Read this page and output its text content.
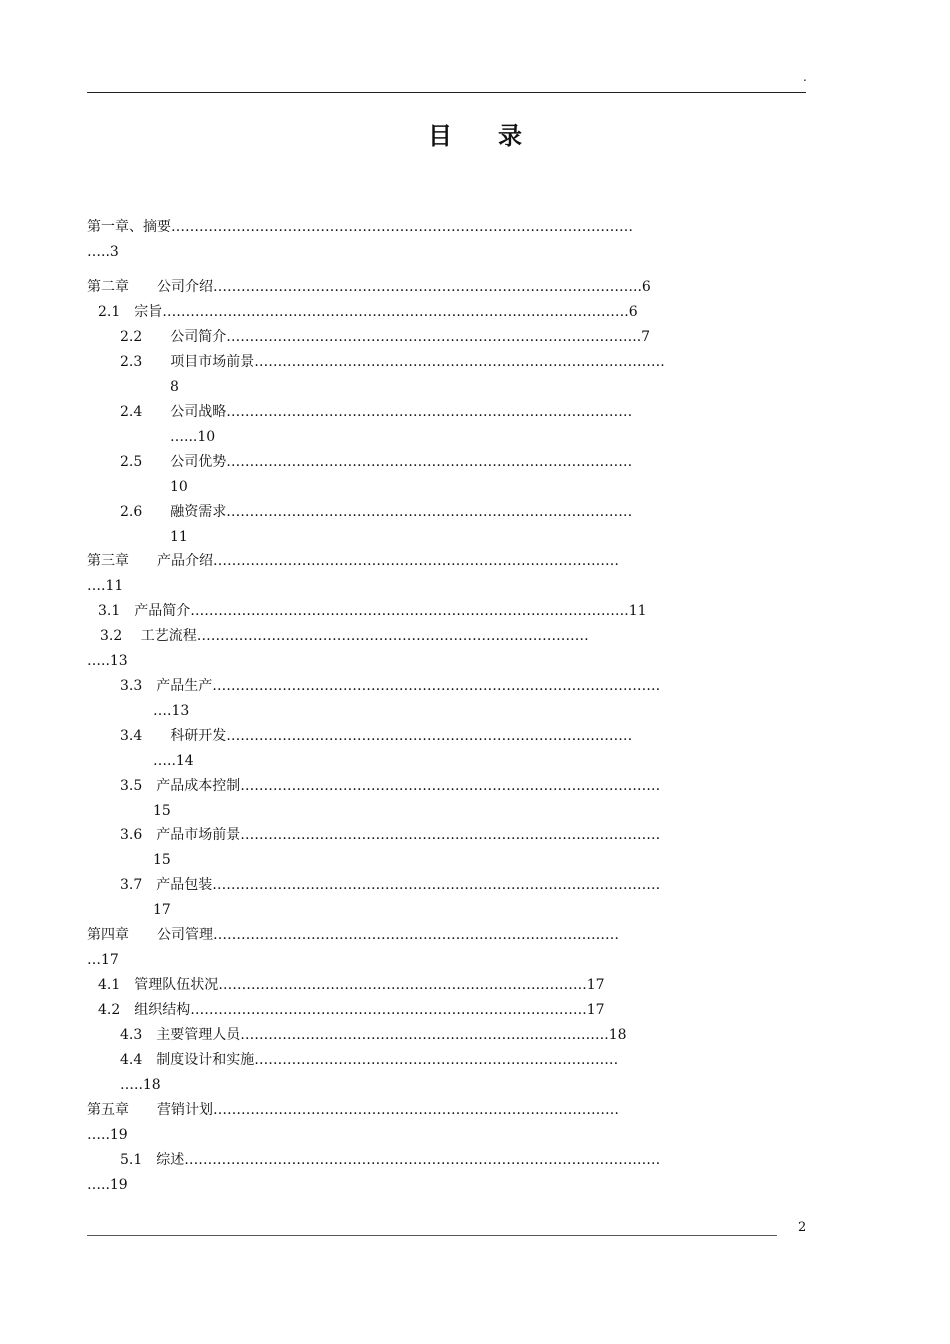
.
目 录
第一章、摘要………………………………………………………………………………………
…..3
第二章　　公司介绍………………………………………………………………………………..6
2.1　宗旨……………………………………………………………………………………….6
2.2　　公司简介……………………………………………………………………………..7
2.3　　项目市场前景…………………………………………………………………………….
8
2.4　　公司战略……………………………………………………………………………
…...10
2.5　　公司优势……………………………………………………………………………
10
2.6　　融资需求……………………………………………………………………………
11
第三章　　产品介绍……………………………………………………………………………
….11
3.1　产品简介………………………………………………………………………………….11
3.2　 工艺流程…………………………………………………………………………
…..13
3.3　产品生产……………………………………………………………………………………
….13
3.4　　科研开发……………………………………………………………………………
…..14
3.5　产品成本控制………………………………………………………………………………
15
3.6　产品市场前景………………………………………………………………………………
15
3.7　产品包装……………………………………………………………………………………
17
第四章　　公司管理……………………………………………………………………………
…17
4.1　管理队伍状况…………………………………………………………………….17
4.2　组织结构………………………………………………………………………….17
4.3　主要管理人员…………………………………………………………………….18
4.4　制度设计和实施……………………………………………………………………
…..18
第五章　　营销计划……………………………………………………………………………
…..19
5.1　综述…………………………………………………………………………………………
…..19
2
